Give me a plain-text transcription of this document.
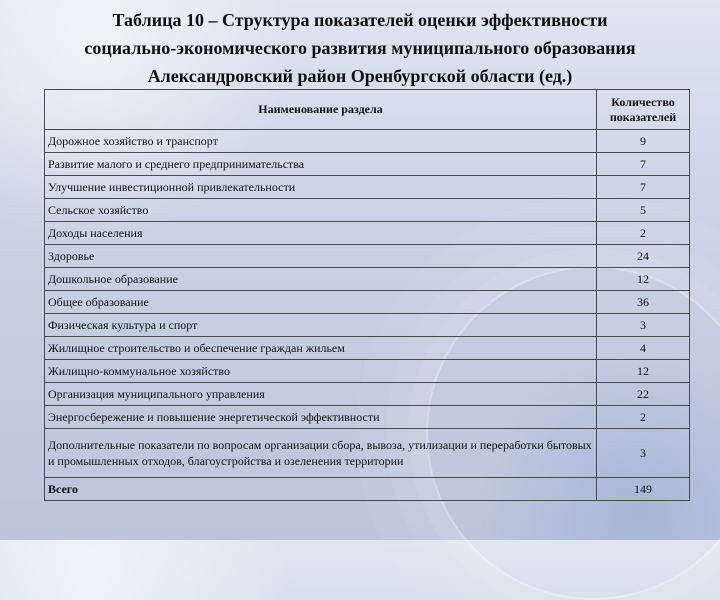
Таблица 10 – Структура показателей оценки эффективности
социально-экономического развития муниципального образования
Александровский район Оренбургской области (ед.)
Наименование раздела	Количество
показателей

Дорожное хозяйство и транспорт	9
Развитие малого и среднего предпринимательства	7
Улучшение инвестиционной привлекательности	7
Сельское хозяйство	5
Доходы населения	2
Здоровье	24
Дошкольное образование	12
Общее образование	36
Физическая культура и спорт	3
Жилищное строительство и обеспечение граждан жильем	4
Жилищно-коммунальное хозяйство	12
Организация муниципального управления	22
Энергосбережение и повышение энергетической эффективности	2
Дополнительные показатели по вопросам организации сбора, вывоза, утилизации и переработки бытовых и промышленных отходов, благоустройства и озеленения территории	3
Всего	149
